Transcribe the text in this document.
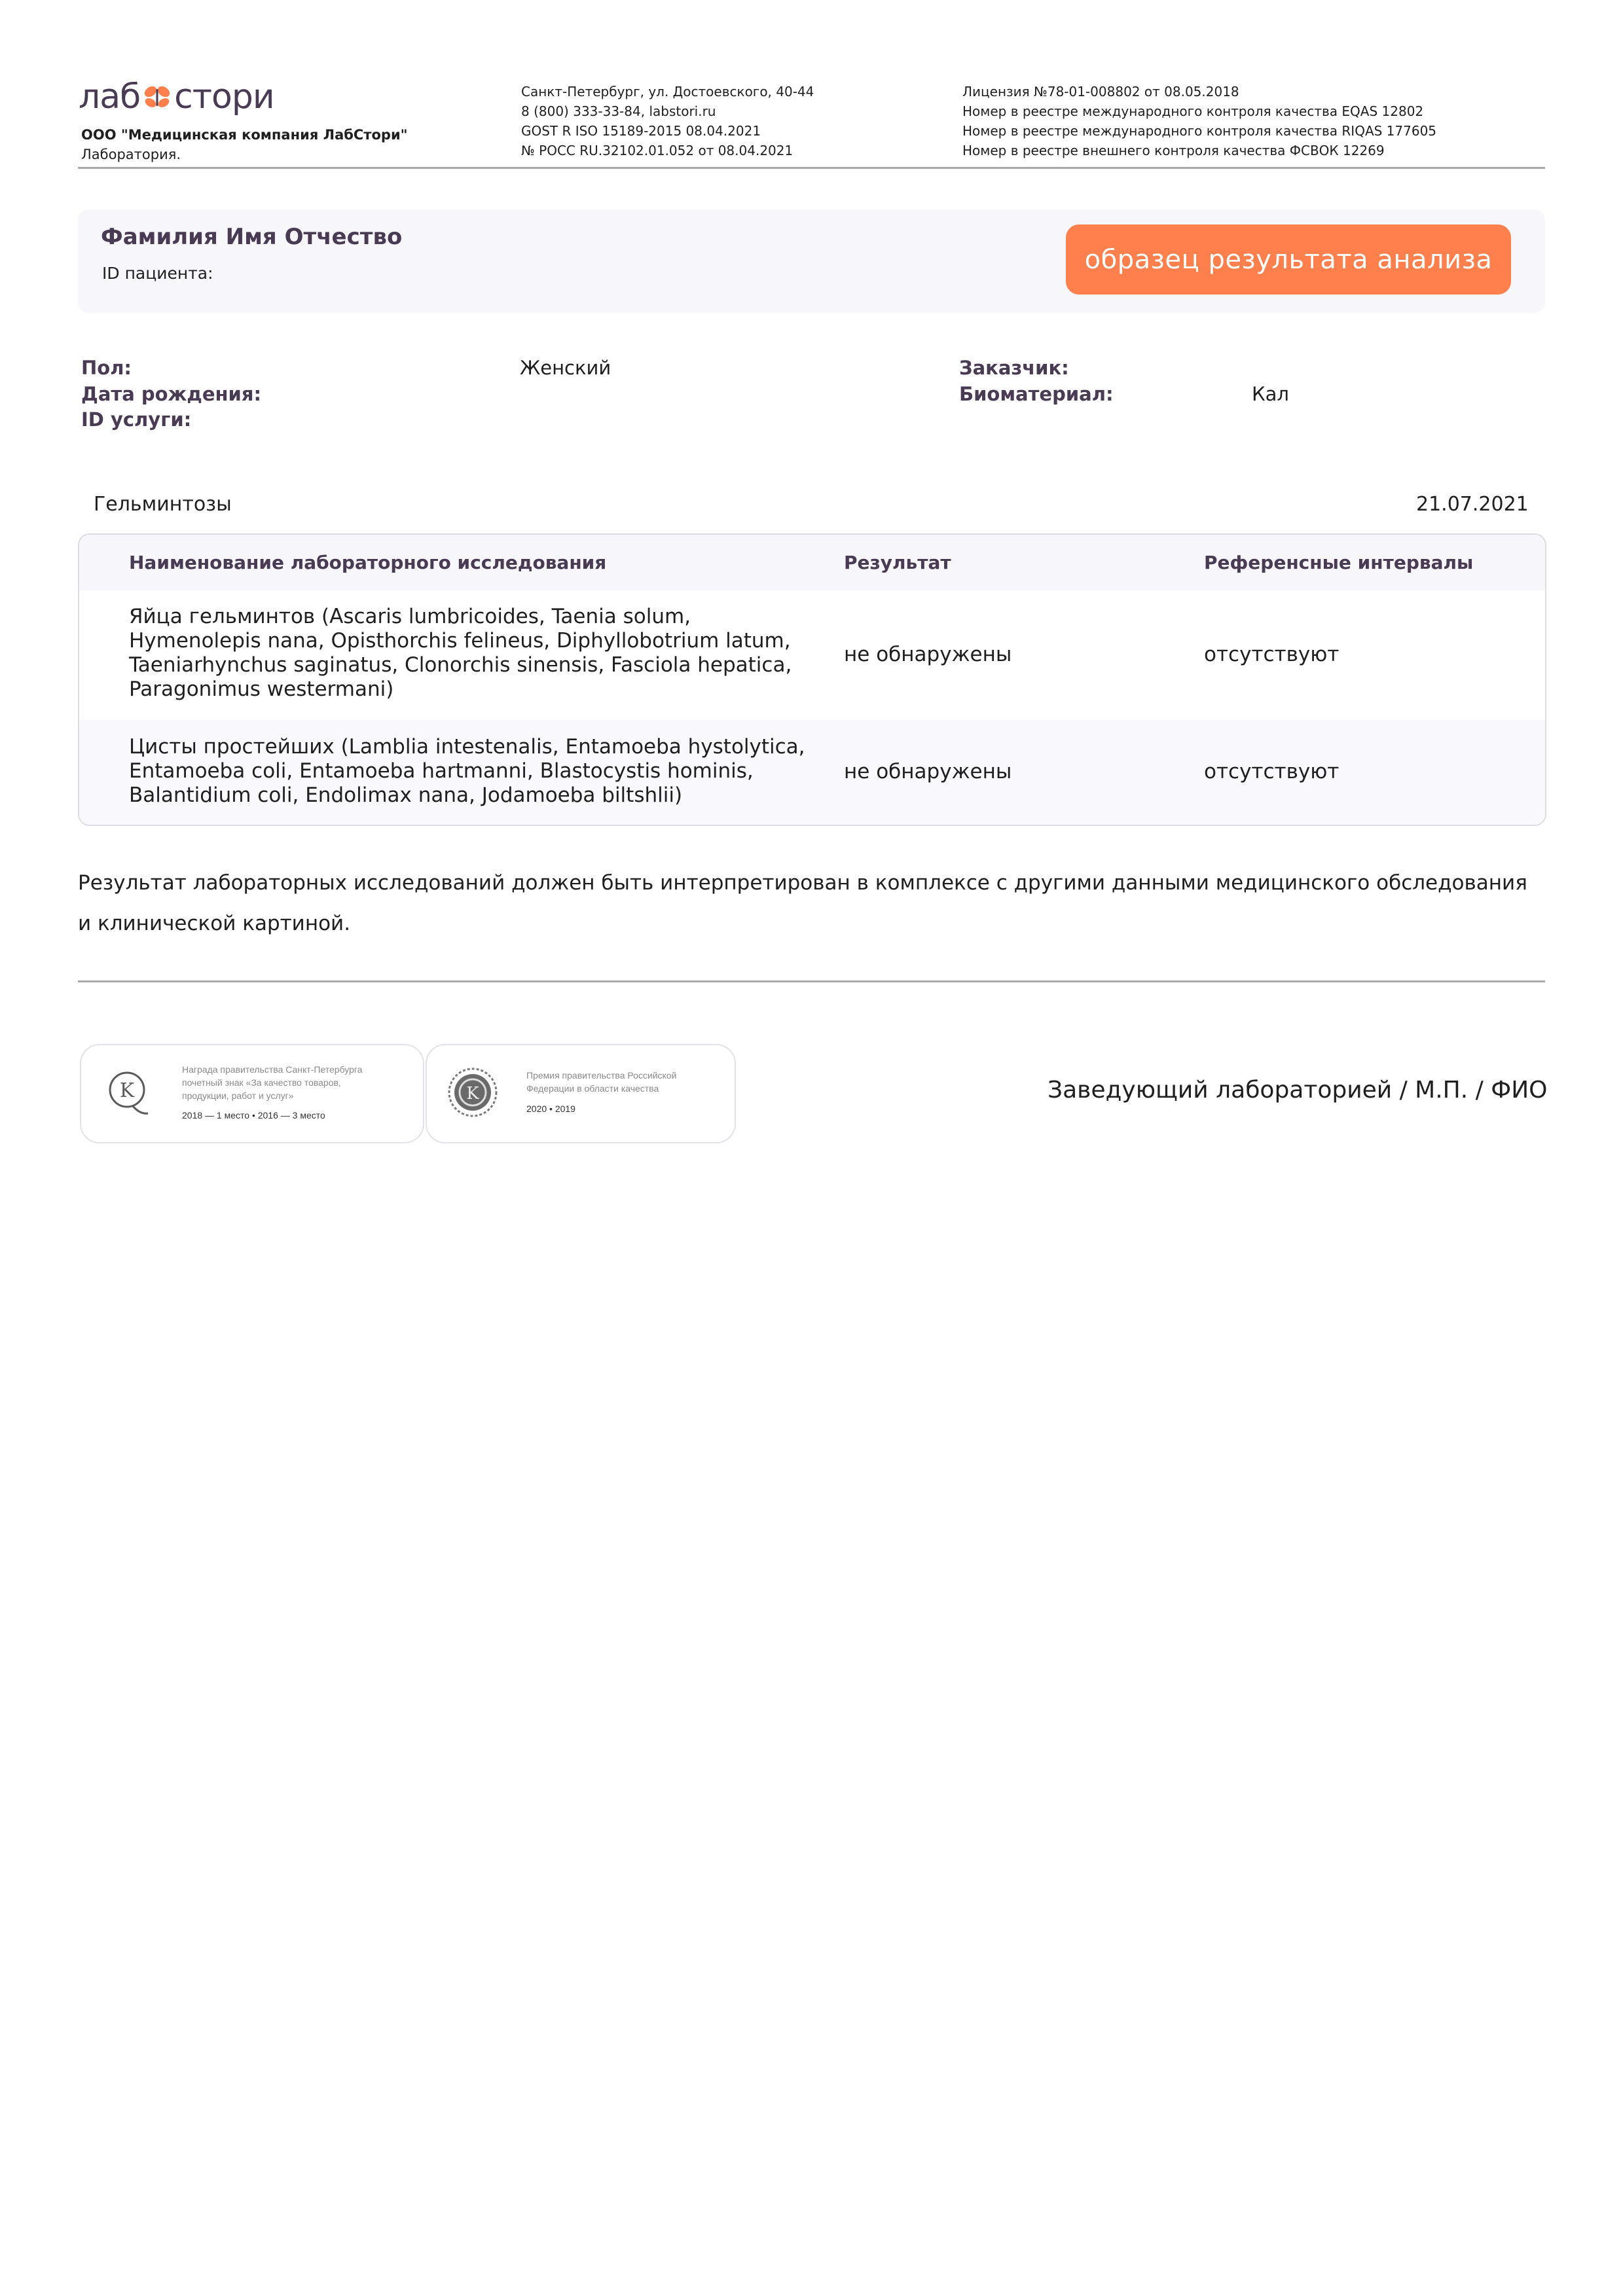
лаб стори
ООО "Медицинская компания ЛабСтори"
Лаборатория.
Санкт-Петербург, ул. Достоевского, 40-44
8 (800) 333-33-84, labstori.ru
GOST R ISO 15189-2015 08.04.2021
№ РОСС RU.32102.01.052 от 08.04.2021
Лицензия №78-01-008802 от 08.05.2018
Номер в реестре международного контроля качества EQAS 12802
Номер в реестре международного контроля качества RIQAS 177605
Номер в реестре внешнего контроля качества ФСВОК 12269
Фамилия Имя Отчество
ID пациента:	образец результата анализа
Пол:	Женский
Дата рождения:
ID услуги:
Заказчик:
Биоматериал:	Кал
Гельминтозы	21.07.2021
Наименование лабораторного исследования	Результат	Референсные интервалы
Яйца гельминтов (Ascaris lumbricoides, Taenia solum, Hymenolepis nana, Opisthorchis felineus, Diphyllobotrium latum, Taeniarhynchus saginatus, Clonorchis sinensis, Fasciola hepatica, Paragonimus westermani)
не обнаружены	отсутствуют
Цисты простейших (Lamblia intestenalis, Entamoeba hystolytica, Entamoeba coli, Entamoeba hartmanni, Blastocystis hominis, Balantidium coli, Endolimax nana, Jodamoeba biltshlii)
не обнаружены	отсутствуют
Результат лабораторных исследований должен быть интерпретирован в комплексе с другими данными медицинского обследования и клинической картиной.
K
Награда правительства Санкт-Петербурга
почетный знак «За качество товаров,
продукции, работ и услуг»
2018 — 1 место • 2016 — 3 место
K
Премия правительства Российской
Федерации в области качества
2020 • 2019
Заведующий лабораторией / М.П. / ФИО
